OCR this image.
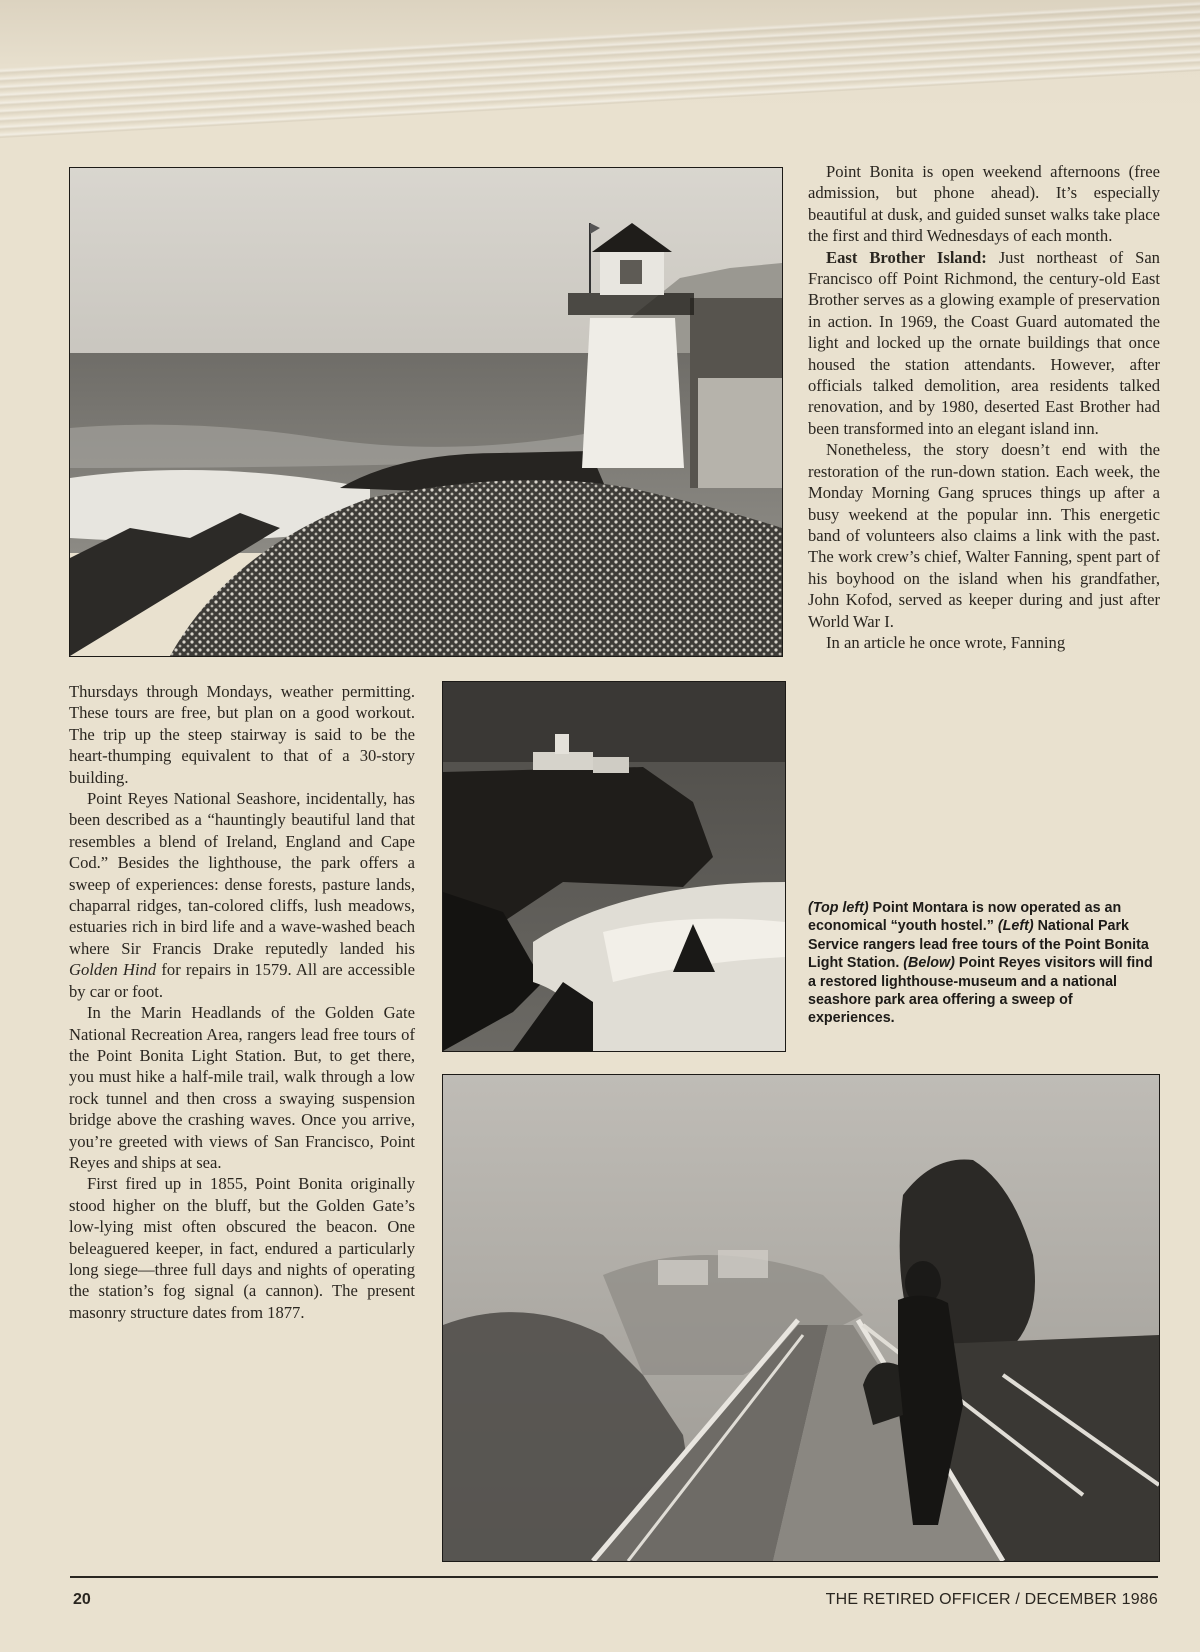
Thursdays through Mondays, weather permitting. These tours are free, but plan on a good workout. The trip up the steep stairway is said to be the heart-thumping equivalent to that of a 30-story building.

Point Reyes National Seashore, incidentally, has been described as a “hauntingly beautiful land that resembles a blend of Ireland, England and Cape Cod.” Besides the lighthouse, the park offers a sweep of experiences: dense forests, pasture lands, chaparral ridges, tan-colored cliffs, lush meadows, estuaries rich in bird life and a wave-washed beach where Sir Francis Drake reputedly landed his Golden Hind for repairs in 1579. All are accessible by car or foot.

In the Marin Headlands of the Golden Gate National Recreation Area, rangers lead free tours of the Point Bonita Light Station. But, to get there, you must hike a half-mile trail, walk through a low rock tunnel and then cross a swaying suspension bridge above the crashing waves. Once you arrive, you’re greeted with views of San Francisco, Point Reyes and ships at sea.

First fired up in 1855, Point Bonita originally stood higher on the bluff, but the Golden Gate’s low-lying mist often obscured the beacon. One beleaguered keeper, in fact, endured a particularly long siege—three full days and nights of operating the station’s fog signal (a cannon). The present masonry structure dates from 1877.

Point Bonita is open weekend afternoons (free admission, but phone ahead). It’s especially beautiful at dusk, and guided sunset walks take place the first and third Wednesdays of each month.

East Brother Island: Just northeast of San Francisco off Point Richmond, the century-old East Brother serves as a glowing example of preservation in action. In 1969, the Coast Guard automated the light and locked up the ornate buildings that once housed the station attendants. However, after officials talked demolition, area residents talked renovation, and by 1980, deserted East Brother had been transformed into an elegant island inn.

Nonetheless, the story doesn’t end with the restoration of the run-down station. Each week, the Monday Morning Gang spruces things up after a busy weekend at the popular inn. This energetic band of volunteers also claims a link with the past. The work crew’s chief, Walter Fanning, spent part of his boyhood on the island when his grandfather, John Kofod, served as keeper during and just after World War I.

In an article he once wrote, Fanning

(Top left) Point Montara is now operated as an economical “youth hostel.” (Left) National Park Service rangers lead free tours of the Point Bonita Light Station. (Below) Point Reyes visitors will find a restored lighthouse-museum and a national seashore park area offering a sweep of experiences.
20	THE RETIRED OFFICER / DECEMBER 1986
